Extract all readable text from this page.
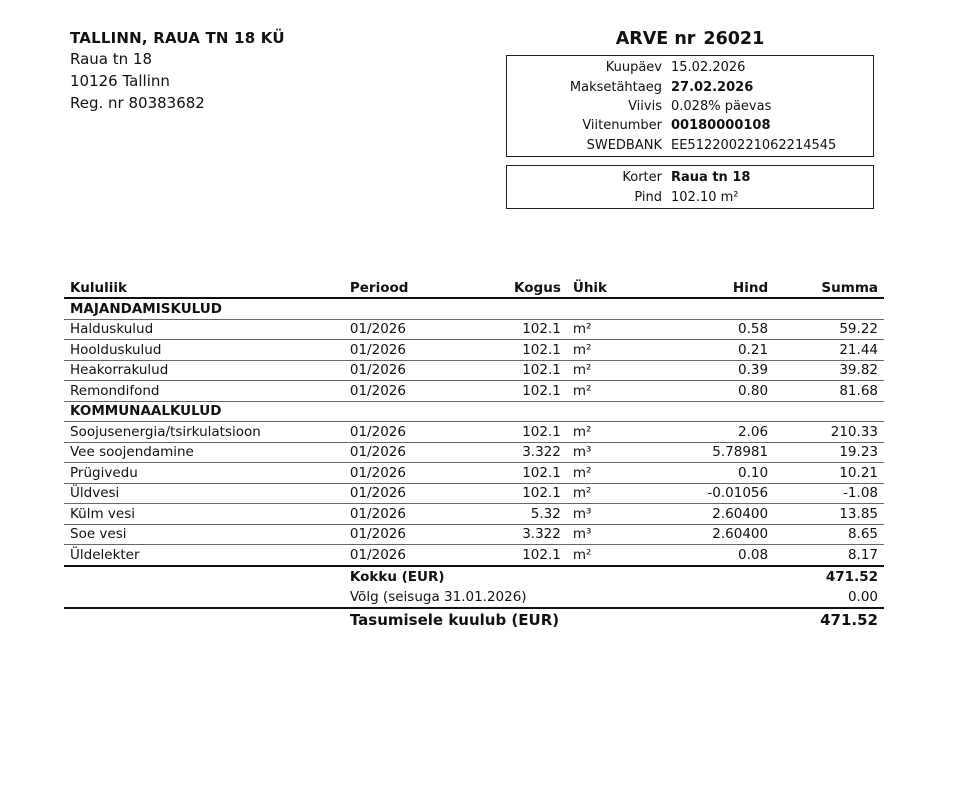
TALLINN, RAUA TN 18 KÜ
Raua tn 18
10126 Tallinn
Reg. nr 80383682
ARVE nr 26021
Kuupäev 15.02.2026
Maksetähtaeg 27.02.2026
Viivis 0.028% päevas
Viitenumber 00180000108
SWEDBANK EE512200221062214545
Korter Raua tn 18
Pind 102.10 m²
Kululiik	Periood	Kogus	Ühik	Hind	Summa
MAJANDAMISKULUD					
Halduskulud	01/2026	102.1	m²	0.58	59.22
Hoolduskulud	01/2026	102.1	m²	0.21	21.44
Heakorrakulud	01/2026	102.1	m²	0.39	39.82
Remondifond	01/2026	102.1	m²	0.80	81.68
KOMMUNAALKULUD					
Soojusenergia/tsirkulatsioon	01/2026	102.1	m²	2.06	210.33
Vee soojendamine	01/2026	3.322	m³	5.78981	19.23
Prügivedu	01/2026	102.1	m²	0.10	10.21
Üldvesi	01/2026	102.1	m²	-0.01056	-1.08
Külm vesi	01/2026	5.32	m³	2.60400	13.85
Soe vesi	01/2026	3.322	m³	2.60400	8.65
Üldelekter	01/2026	102.1	m²	0.08	8.17
	Kokku (EUR)				471.52
	Võlg (seisuga 31.01.2026)				0.00
	Tasumisele kuulub (EUR)				471.52
